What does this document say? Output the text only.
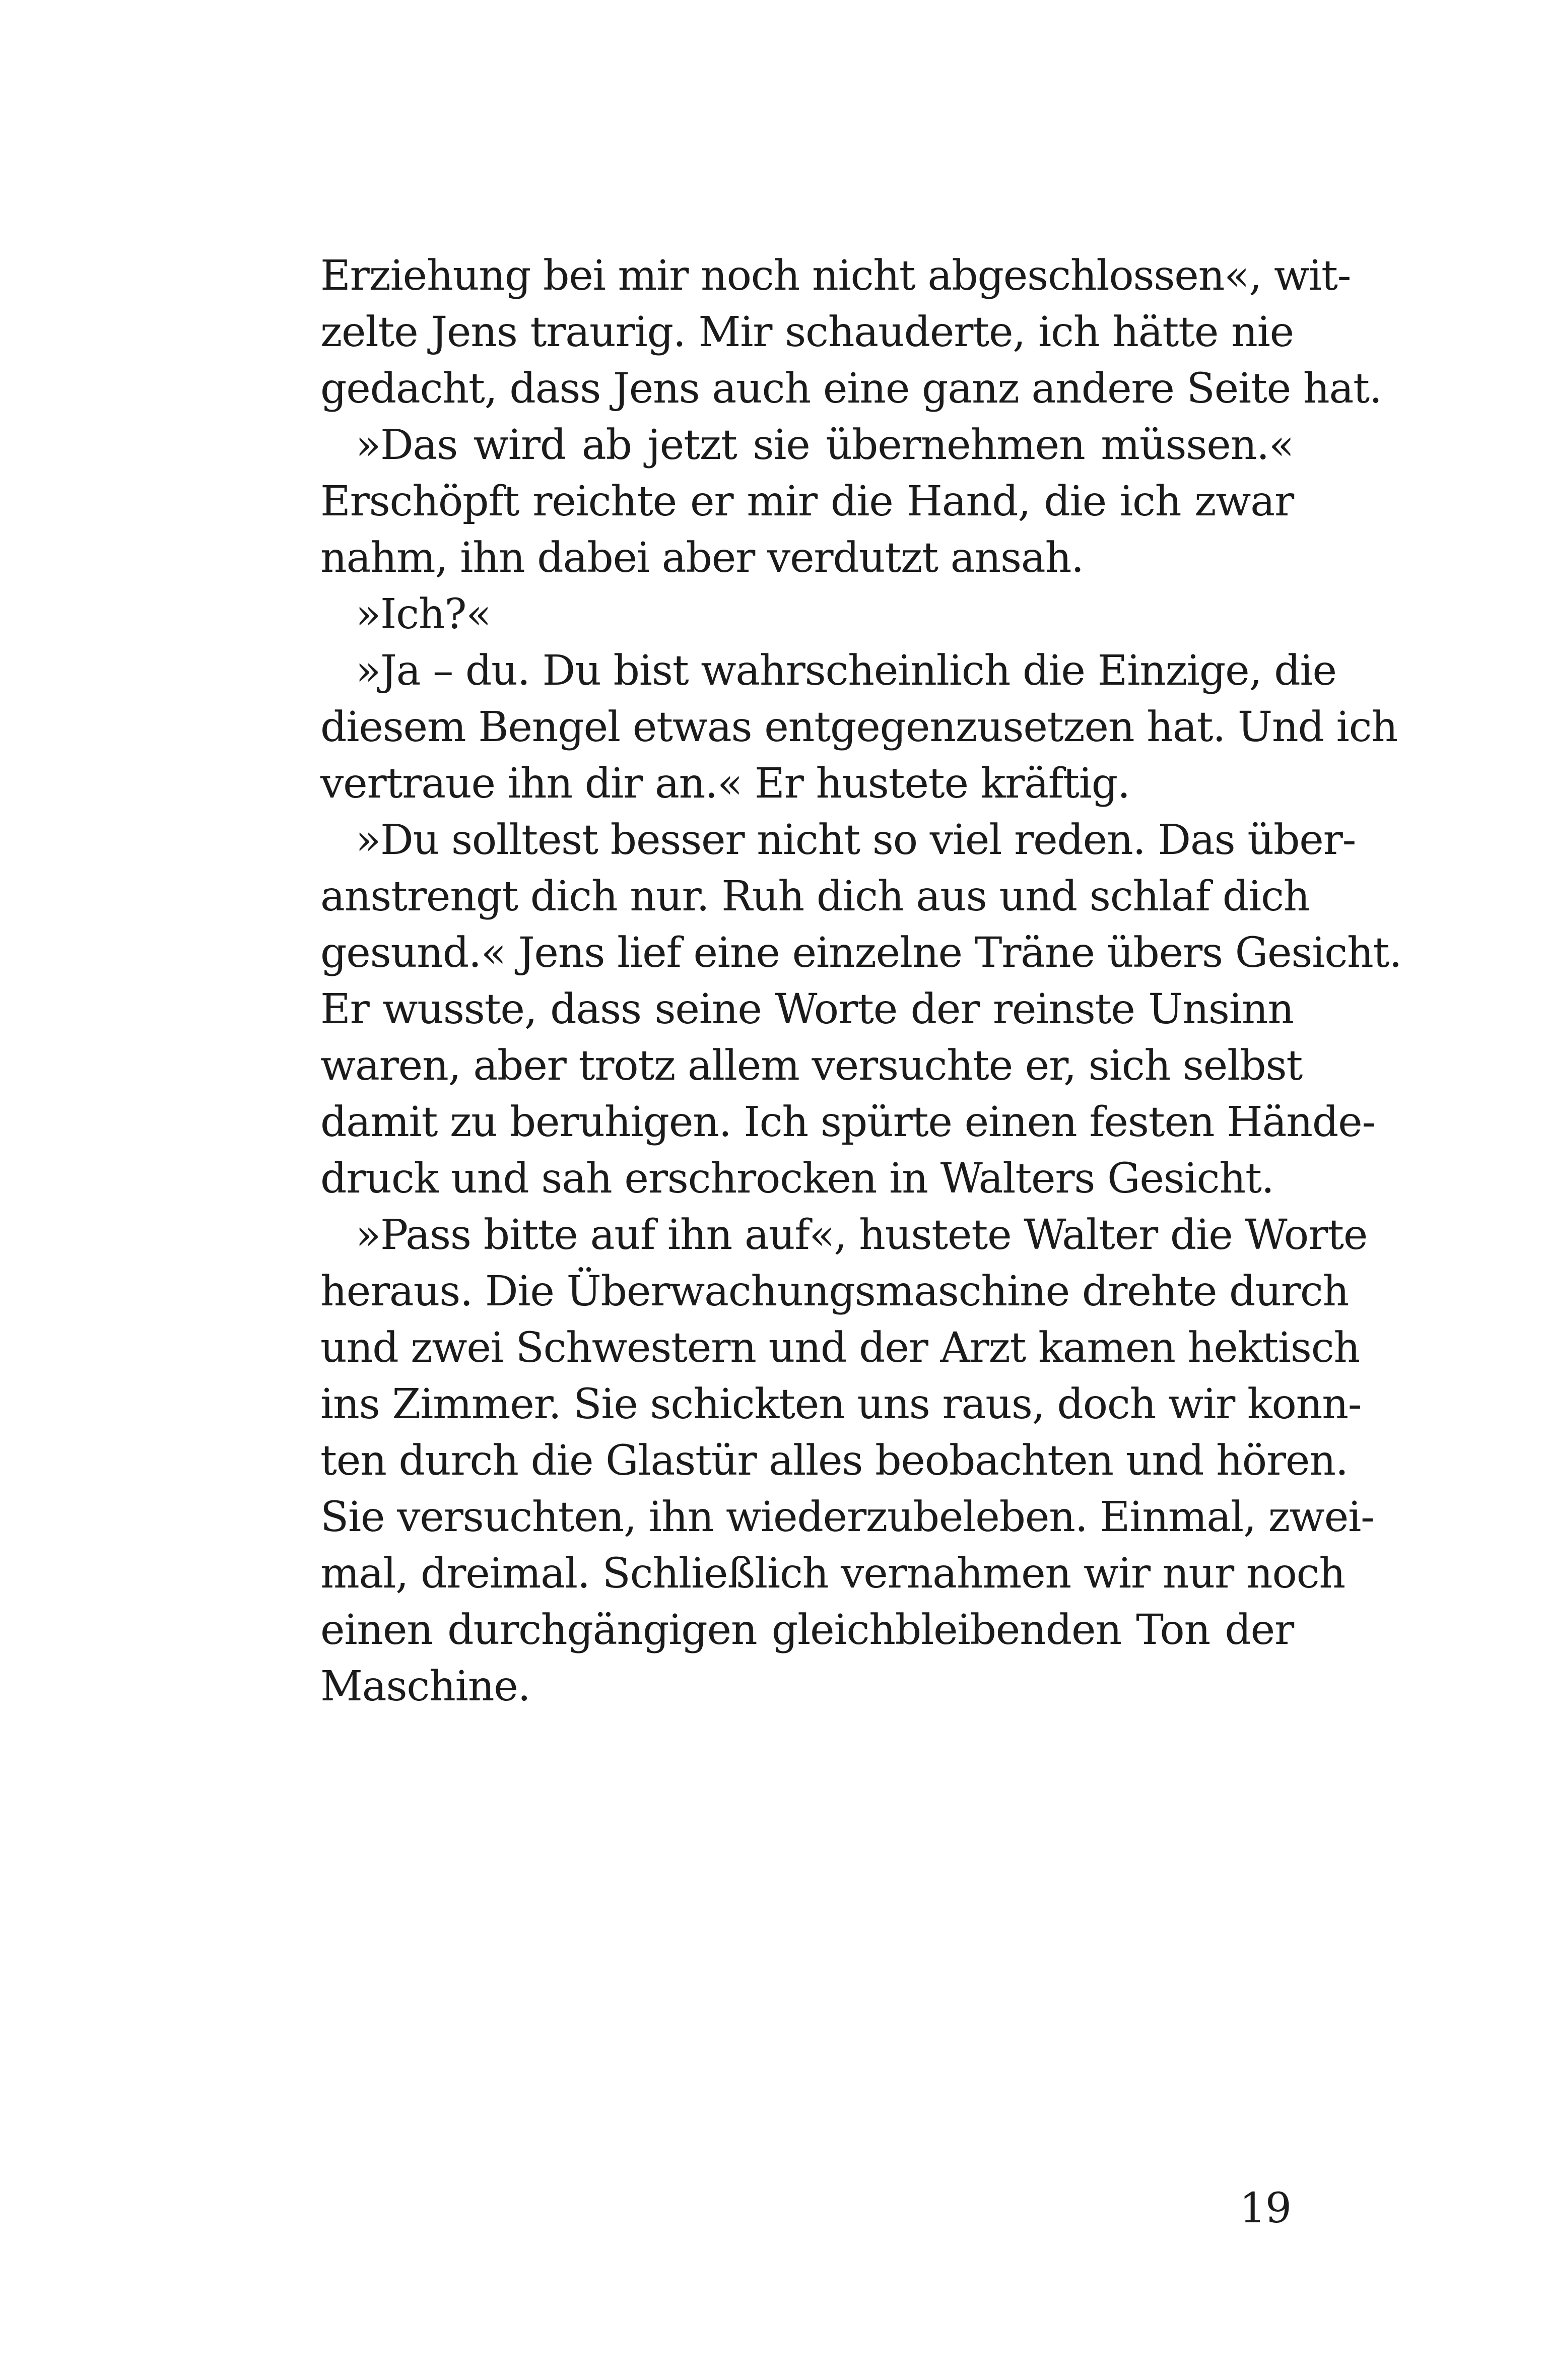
Erziehung bei mir noch nicht abgeschlossen«, wit-
zelte Jens traurig. Mir schauderte, ich hätte nie
gedacht, dass Jens auch eine ganz andere Seite hat.
»Das wird ab jetzt sie übernehmen müssen.«
Erschöpft reichte er mir die Hand, die ich zwar
nahm, ihn dabei aber verdutzt ansah.
»Ich?«
»Ja – du. Du bist wahrscheinlich die Einzige, die
diesem Bengel etwas entgegenzusetzen hat. Und ich
vertraue ihn dir an.« Er hustete kräftig.
»Du solltest besser nicht so viel reden. Das über-
anstrengt dich nur. Ruh dich aus und schlaf dich
gesund.« Jens lief eine einzelne Träne übers Gesicht.
Er wusste, dass seine Worte der reinste Unsinn
waren, aber trotz allem versuchte er, sich selbst
damit zu beruhigen. Ich spürte einen festen Hände-
druck und sah erschrocken in Walters Gesicht.
»Pass bitte auf ihn auf«, hustete Walter die Worte
heraus. Die Überwachungsmaschine drehte durch
und zwei Schwestern und der Arzt kamen hektisch
ins Zimmer. Sie schickten uns raus, doch wir konn-
ten durch die Glastür alles beobachten und hören.
Sie versuchten, ihn wiederzubeleben. Einmal, zwei-
mal, dreimal. Schließlich vernahmen wir nur noch
einen durchgängigen gleichbleibenden Ton der
Maschine.
19
